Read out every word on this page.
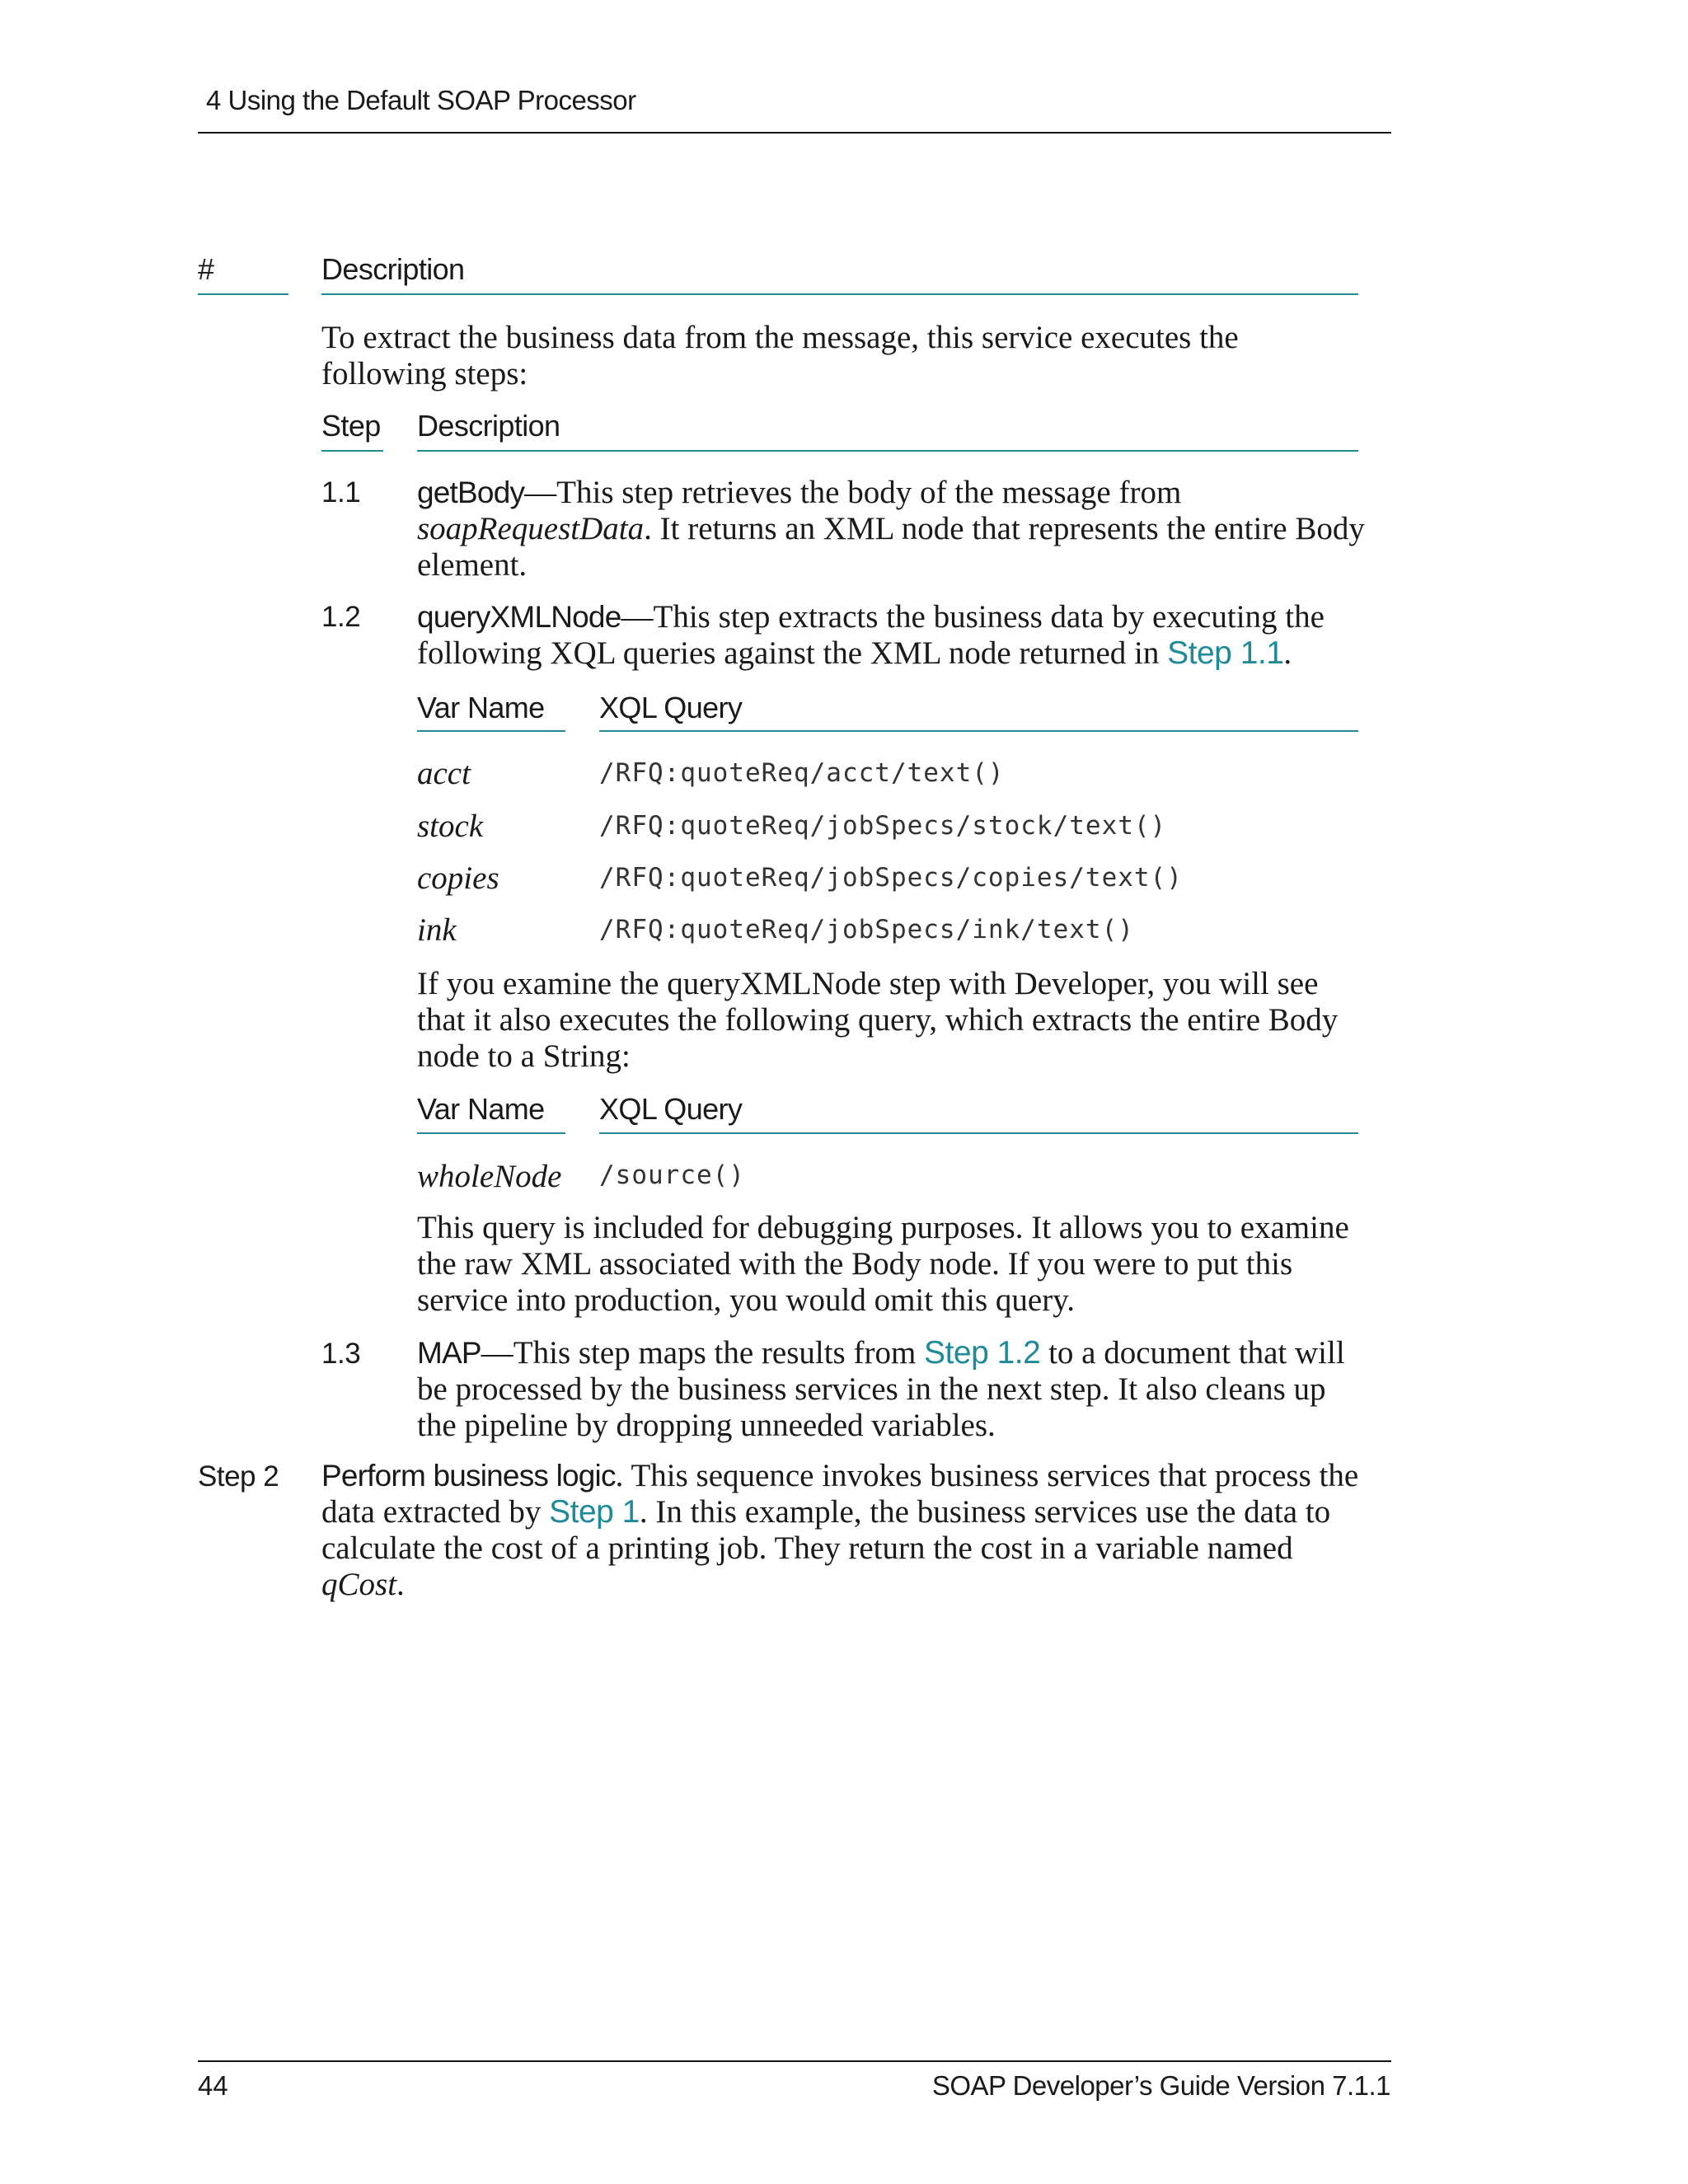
4 Using the Default SOAP Processor
#	Description
To extract the business data from the message, this service executes the following steps:
Step Description
1.1 getBody—This step retrieves the body of the message from soapRequestData. It returns an XML node that represents the entire Body element.
1.2 queryXMLNode—This step extracts the business data by executing the following XQL queries against the XML node returned in Step 1.1.
Var Name XQL Query
acct	/RFQ:quoteReq/acct/text()
stock	/RFQ:quoteReq/jobSpecs/stock/text()
copies	/RFQ:quoteReq/jobSpecs/copies/text()
ink	/RFQ:quoteReq/jobSpecs/ink/text()
If you examine the queryXMLNode step with Developer, you will see that it also executes the following query, which extracts the entire Body node to a String:
Var Name XQL Query
wholeNode /source()
This query is included for debugging purposes. It allows you to examine the raw XML associated with the Body node. If you were to put this service into production, you would omit this query.
1.3 MAP—This step maps the results from Step 1.2 to a document that will be processed by the business services in the next step. It also cleans up the pipeline by dropping unneeded variables.
Step 2 Perform business logic. This sequence invokes business services that process the data extracted by Step 1. In this example, the business services use the data to calculate the cost of a printing job. They return the cost in a variable named qCost.
44	SOAP Developer’s Guide Version 7.1.1
